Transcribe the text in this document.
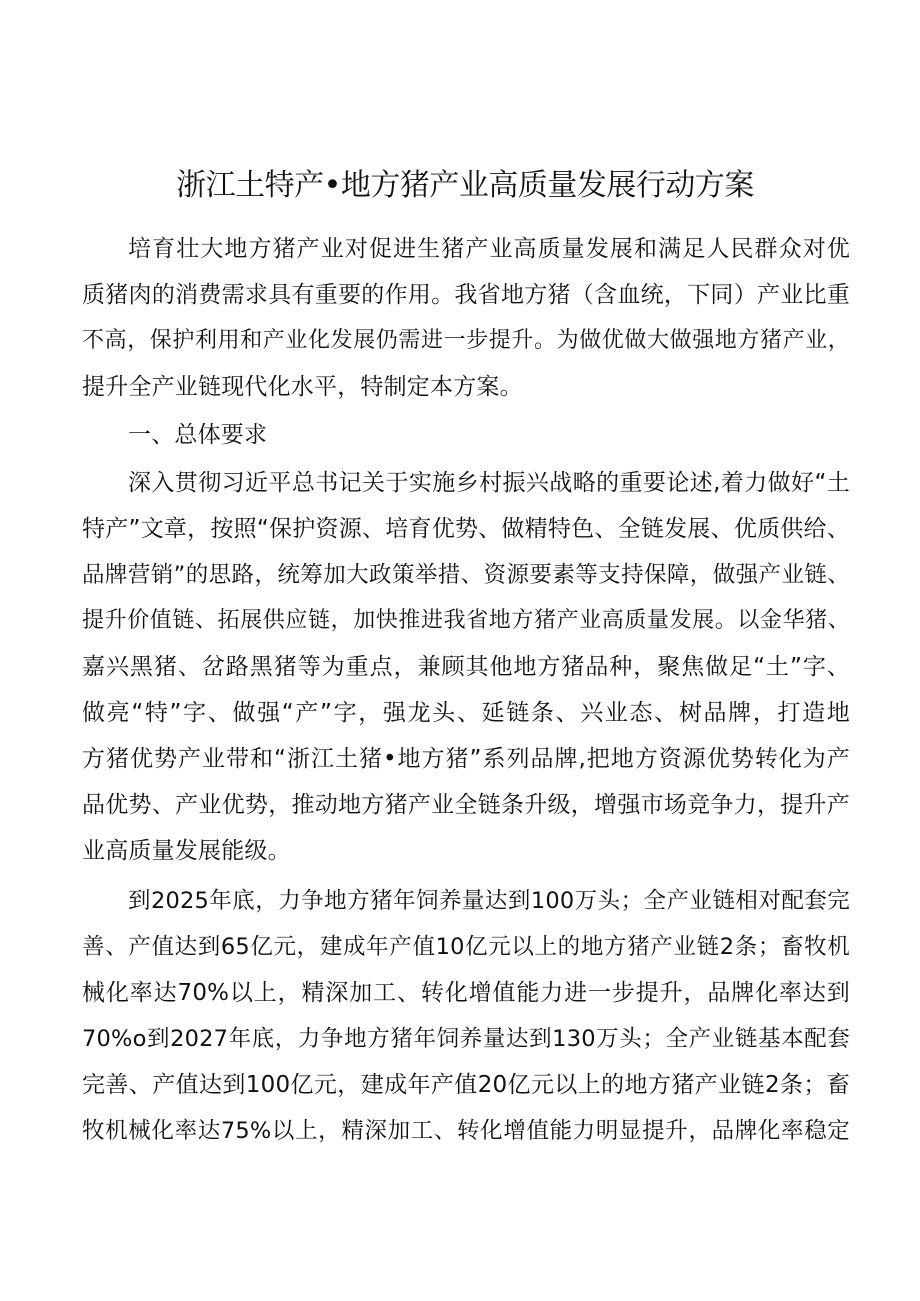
浙江土特产•地方猪产业高质量发展行动方案
培育壮大地方猪产业对促进生猪产业高质量发展和满足人民群众对优
质猪肉的消费需求具有重要的作用。我省地方猪（含血统，下同）产业比重
不高，保护利用和产业化发展仍需进一步提升。为做优做大做强地方猪产业，
提升全产业链现代化水平，特制定本方案。
一、总体要求
深入贯彻习近平总书记关于实施乡村振兴战略的重要论述,着力做好“土
特产”文章，按照“保护资源、培育优势、做精特色、全链发展、优质供给、
品牌营销”的思路，统筹加大政策举措、资源要素等支持保障，做强产业链、
提升价值链、拓展供应链，加快推进我省地方猪产业高质量发展。以金华猪、
嘉兴黑猪、岔路黑猪等为重点，兼顾其他地方猪品种，聚焦做足“土”字、
做亮“特”字、做强“产”字，强龙头、延链条、兴业态、树品牌，打造地
方猪优势产业带和“浙江土猪•地方猪”系列品牌,把地方资源优势转化为产
品优势、产业优势，推动地方猪产业全链条升级，增强市场竞争力，提升产
业高质量发展能级。
到2025年底，力争地方猪年饲养量达到100万头；全产业链相对配套完
善、产值达到65亿元，建成年产值10亿元以上的地方猪产业链2条；畜牧机
械化率达70%以上，精深加工、转化增值能力进一步提升，品牌化率达到
70%o到2027年底，力争地方猪年饲养量达到130万头；全产业链基本配套
完善、产值达到100亿元，建成年产值20亿元以上的地方猪产业链2条；畜
牧机械化率达75%以上，精深加工、转化增值能力明显提升，品牌化率稳定
